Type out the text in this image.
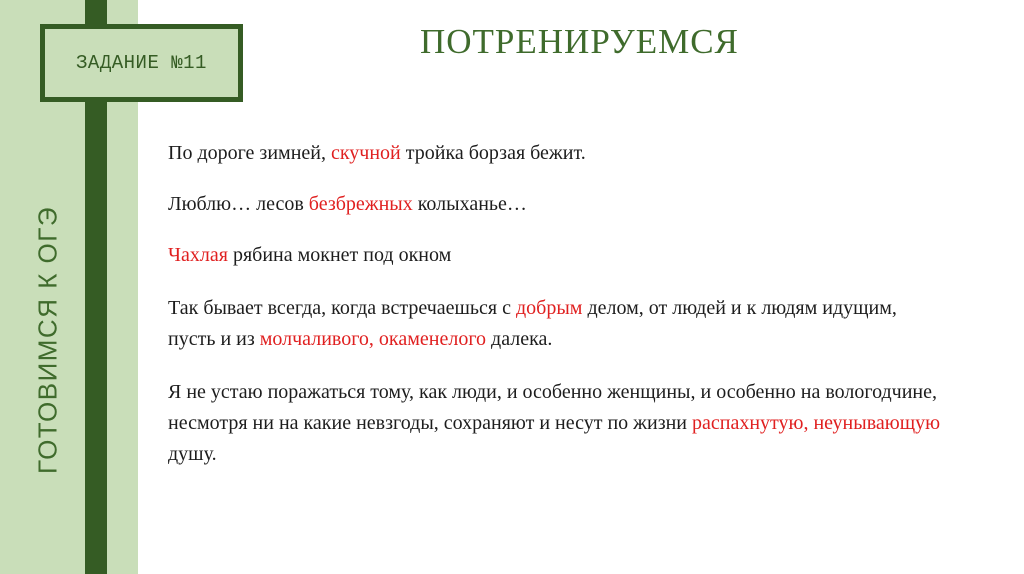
ГОТОВИМСЯ К ОГЭ
ЗАДАНИЕ №11
ПОТРЕНИРУЕМСЯ
По дороге зимней, скучной тройка борзая бежит.
Люблю… лесов безбрежных колыханье…
Чахлая рябина мокнет под окном
Так бывает всегда, когда встречаешься с добрым делом, от людей и к людям идущим, пусть и из молчаливого, окаменелого далека.
Я не устаю поражаться тому, как люди, и особенно женщины, и особенно на вологодчине, несмотря ни на какие невзгоды, сохраняют и несут по жизни распахнутую, неунывающую душу.
